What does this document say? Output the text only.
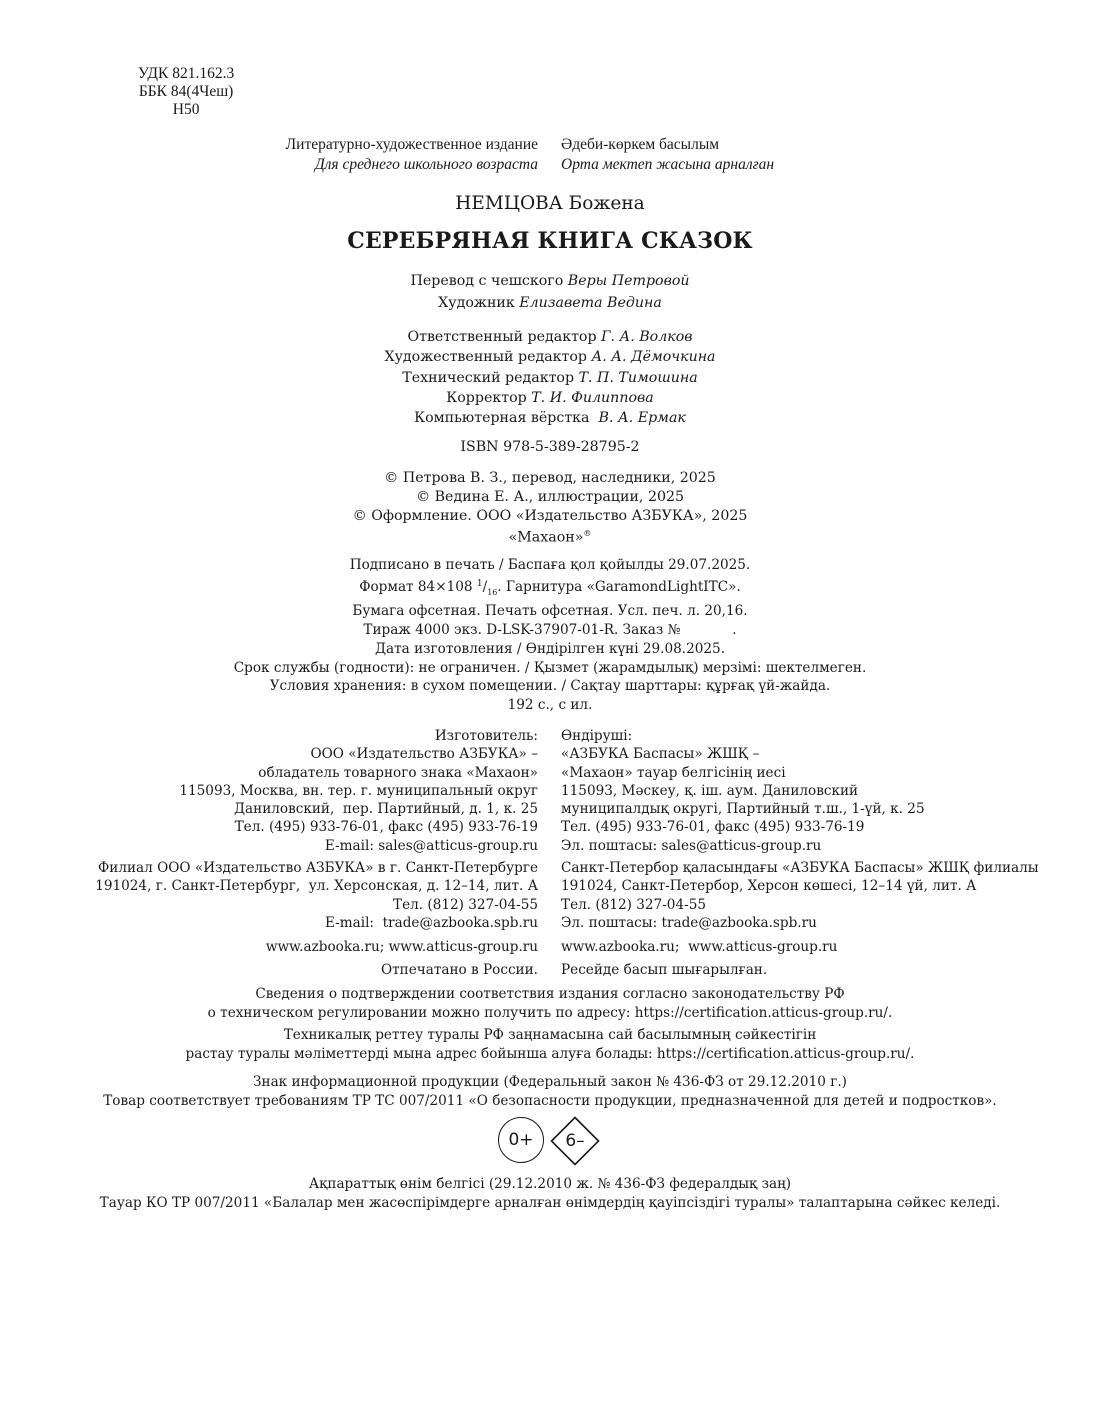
УДК 821.162.3
ББК 84(4Чеш)
Н50
Литературно-художественное издание
Для среднего школьного возраста
Әдеби-көркем басылым
Орта мектеп жасына арналған
НЕМЦОВА Божена
СЕРЕБРЯНАЯ КНИГА СКАЗОК
Перевод с чешского Веры Петровой
Художник Елизавета Ведина
Ответственный редактор Г. А. Волков
Художественный редактор А. А. Дёмочкина
Технический редактор Т. П. Тимошина
Корректор Т. И. Филиппова
Компьютерная вёрстка  В. А. Ермак
ISBN 978-5-389-28795-2
© Петрова В. З., перевод, наследники, 2025
© Ведина Е. А., иллюстрации, 2025
© Оформление. ООО «Издательство АЗБУКА», 2025
«Махаон»®
Подписано в печать / Баспаға қол қойылды 29.07.2025.
Формат 84×108 $^1/_{16}$. Гарнитура «GaramondLightITC».
Бумага офсетная. Печать офсетная. Усл. печ. л. 20,16.
Тираж 4000 экз. D-LSK-37907-01-R. Заказ №            .
Дата изготовления / Өндірілген күні 29.08.2025.
Срок службы (годности): не ограничен. / Қызмет (жарамдылық) мерзімі: шектелмеген.
Условия хранения: в сухом помещении. / Сақтау шарттары: құрғақ үй-жайда.
192 с., с ил.
Изготовитель:
ООО «Издательство АЗБУКА» –
обладатель товарного знака «Махаон»
115093, Москва, вн. тер. г. муниципальный округ
Даниловский,  пер. Партийный, д. 1, к. 25
Тел. (495) 933-76-01, факс (495) 933-76-19
E-mail: sales@atticus-group.ru
Өндіруші:
«АЗБУКА Баспасы» ЖШҚ –
«Махаон» тауар белгісінің иесі
115093, Мәскеу, қ. іш. аум. Даниловский
муниципалдық округі, Партийный т.ш., 1-үй, к. 25
Тел. (495) 933-76-01, факс (495) 933-76-19
Эл. поштасы: sales@atticus-group.ru
Филиал ООО «Издательство АЗБУКА» в г. Санкт-Петербурге
191024, г. Санкт-Петербург,  ул. Херсонская, д. 12–14, лит. А
Тел. (812) 327-04-55
E-mail:  trade@azbooka.spb.ru
Санкт-Петербор қаласындағы «АЗБУКА Баспасы» ЖШҚ филиалы
191024, Санкт-Петербор, Херсон көшесі, 12–14 үй, лит. А
Тел. (812) 327-04-55
Эл. поштасы: trade@azbooka.spb.ru
www.azbooka.ru; www.atticus-group.ru www.azbooka.ru;  www.atticus-group.ru
Отпечатано в России. Ресейде басып шығарылған.
Сведения о подтверждении соответствия издания согласно законодательству РФ
о техническом регулировании можно получить по адресу: https://certification.atticus-group.ru/.
Техникалық реттеу туралы РФ заңнамасына сай басылымның сәйкестігін
растау туралы мәліметтерді мына адрес бойынша алуға болады: https://certification.atticus-group.ru/.
Знак информационной продукции (Федеральный закон № 436-ФЗ от 29.12.2010 г.)
Товар соответствует требованиям ТР ТС 007/2011 «О безопасности продукции, предназначенной для детей и подростков».
0+	6–
Ақпараттық өнім белгісі (29.12.2010 ж. № 436-ФЗ федералдық заң)
Тауар КО ТР 007/2011 «Балалар мен жасөспірімдерге арналған өнімдердің қауіпсіздігі туралы» талаптарына сәйкес келеді.
